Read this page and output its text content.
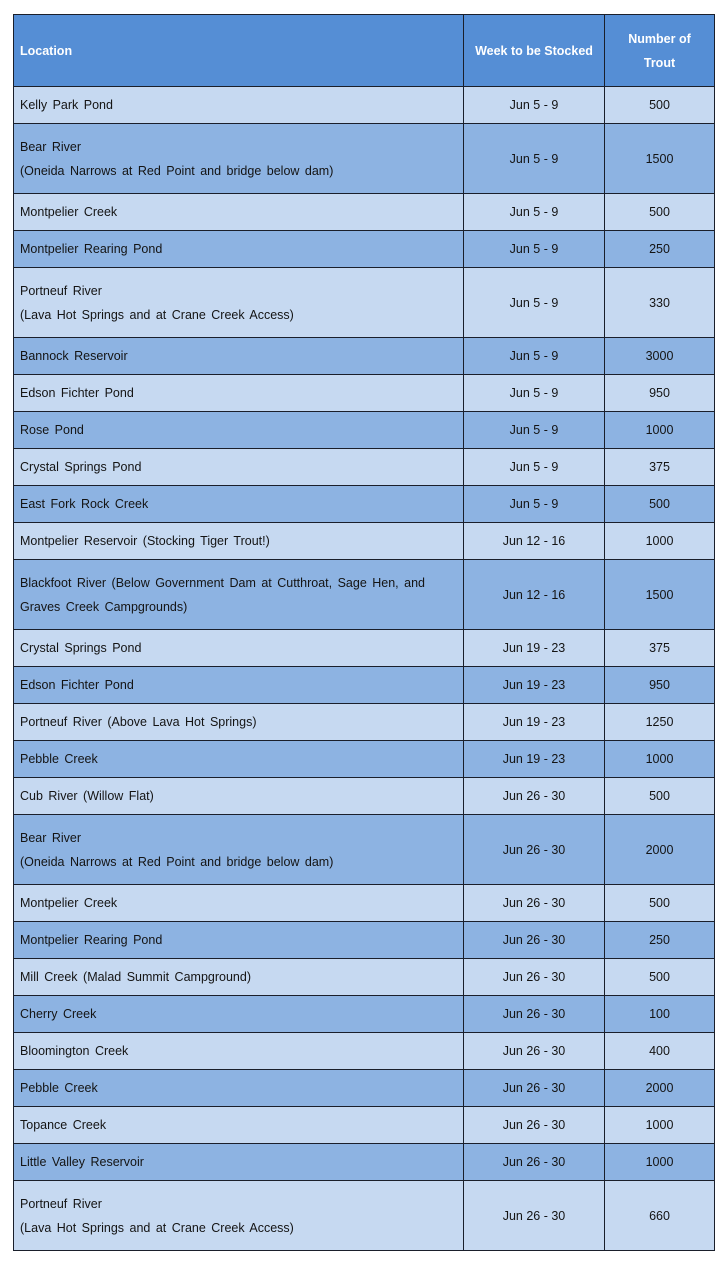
Location	Week to be Stocked	Number of
Trout

Kelly Park Pond	Jun 5 - 9	500

Bear River
(Oneida Narrows at Red Point and bridge below dam)	Jun 5 - 9	1500

Montpelier Creek	Jun 5 - 9	500

Montpelier Rearing Pond	Jun 5 - 9	250

Portneuf River
(Lava Hot Springs and at Crane Creek Access)	Jun 5 - 9	330

Bannock Reservoir	Jun 5 - 9	3000

Edson Fichter Pond	Jun 5 - 9	950

Rose Pond	Jun 5 - 9	1000

Crystal Springs Pond	Jun 5 - 9	375

East Fork Rock Creek	Jun 5 - 9	500

Montpelier Reservoir (Stocking Tiger Trout!)	Jun 12 - 16	1000

Blackfoot River (Below Government Dam at Cutthroat, Sage Hen, and
Graves Creek Campgrounds)	Jun 12 - 16	1500

Crystal Springs Pond	Jun 19 - 23	375

Edson Fichter Pond	Jun 19 - 23	950

Portneuf River (Above Lava Hot Springs)	Jun 19 - 23	1250

Pebble Creek	Jun 19 - 23	1000

Cub River (Willow Flat)	Jun 26 - 30	500

Bear River
(Oneida Narrows at Red Point and bridge below dam)	Jun 26 - 30	2000

Montpelier Creek	Jun 26 - 30	500

Montpelier Rearing Pond	Jun 26 - 30	250

Mill Creek (Malad Summit Campground)	Jun 26 - 30	500

Cherry Creek	Jun 26 - 30	100

Bloomington Creek	Jun 26 - 30	400

Pebble Creek	Jun 26 - 30	2000

Topance Creek	Jun 26 - 30	1000

Little Valley Reservoir	Jun 26 - 30	1000

Portneuf River
(Lava Hot Springs and at Crane Creek Access)	Jun 26 - 30	660
